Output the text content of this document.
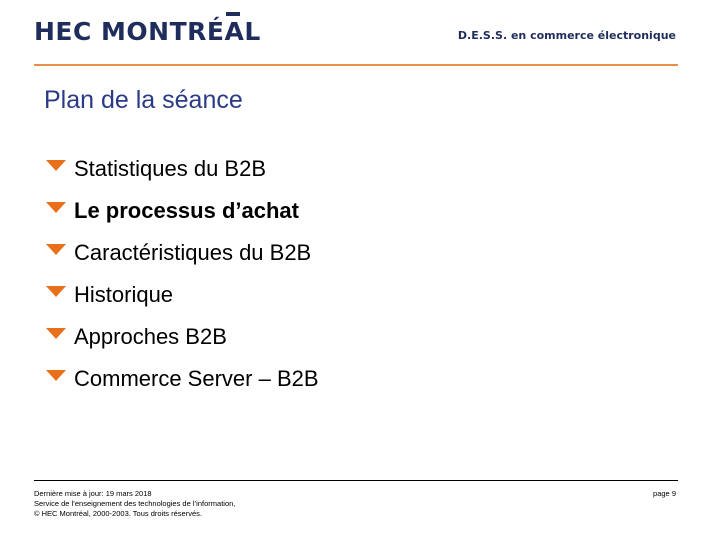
HEC MONTRÉAL	D.E.S.S. en commerce électronique
Plan de la séance
Statistiques du B2B
Le processus d’achat
Caractéristiques du B2B
Historique
Approches B2B
Commerce Server – B2B
Dernière mise à jour: 19 mars 2018
Service de l’enseignement des technologies de l’information,
© HEC Montréal, 2000-2003. Tous droits réservés.
page 9
